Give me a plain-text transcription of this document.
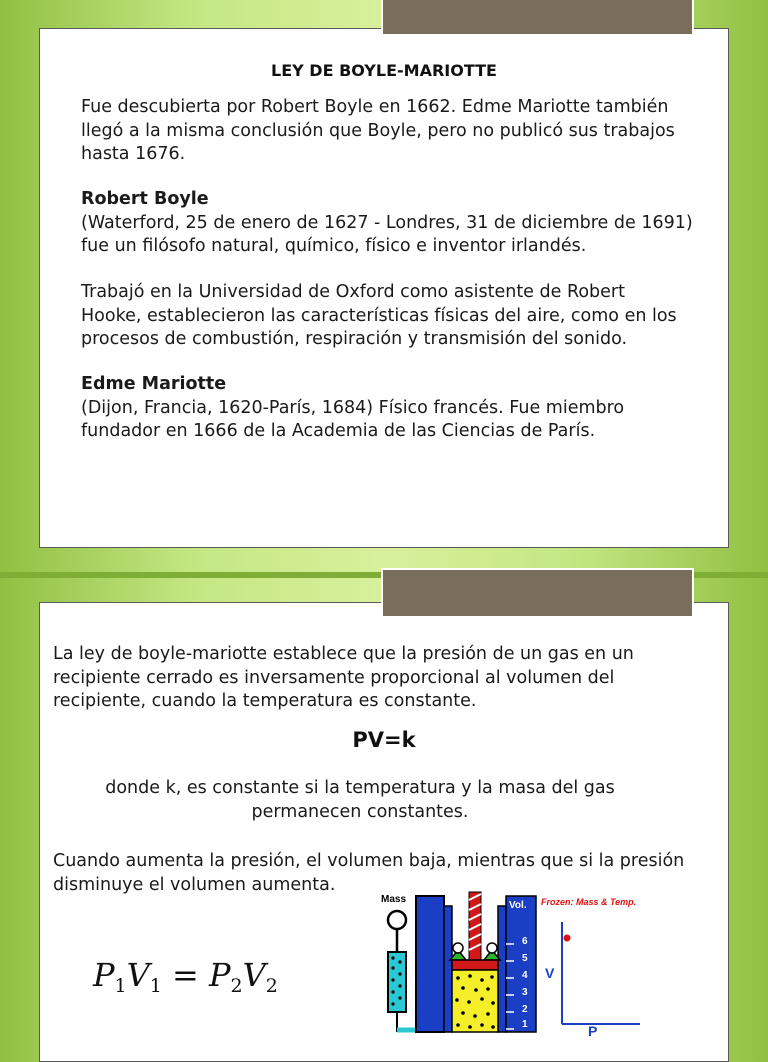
LEY DE BOYLE-MARIOTTE
Fue descubierta por Robert Boyle en 1662. Edme Mariotte también
llegó a la misma conclusión que Boyle, pero no publicó sus trabajos
hasta 1676.
Robert Boyle
(Waterford, 25 de enero de 1627 - Londres, 31 de diciembre de 1691)
fue un filósofo natural, químico, físico e inventor irlandés.
Trabajó en la Universidad de Oxford como asistente de Robert
Hooke, establecieron las características físicas del aire, como en los
procesos de combustión, respiración y transmisión del sonido.
Edme Mariotte
(Dijon, Francia, 1620-París, 1684) Físico francés. Fue miembro
fundador en 1666 de la Academia de las Ciencias de París.
La ley de boyle-mariotte establece que la presión de un gas en un
recipiente cerrado es inversamente proporcional al volumen del
recipiente, cuando la temperatura es constante.
PV=k
donde k, es constante si la temperatura y la masa del gas
permanecen constantes.
Cuando aumenta la presión, el volumen baja, mientras que si la presión
disminuye el volumen aumenta.
$P_1V_1 = P_2V_2$
Mass
Vol. Frozen: Mass & Temp.
V
P
6
5
4
3
2
1
